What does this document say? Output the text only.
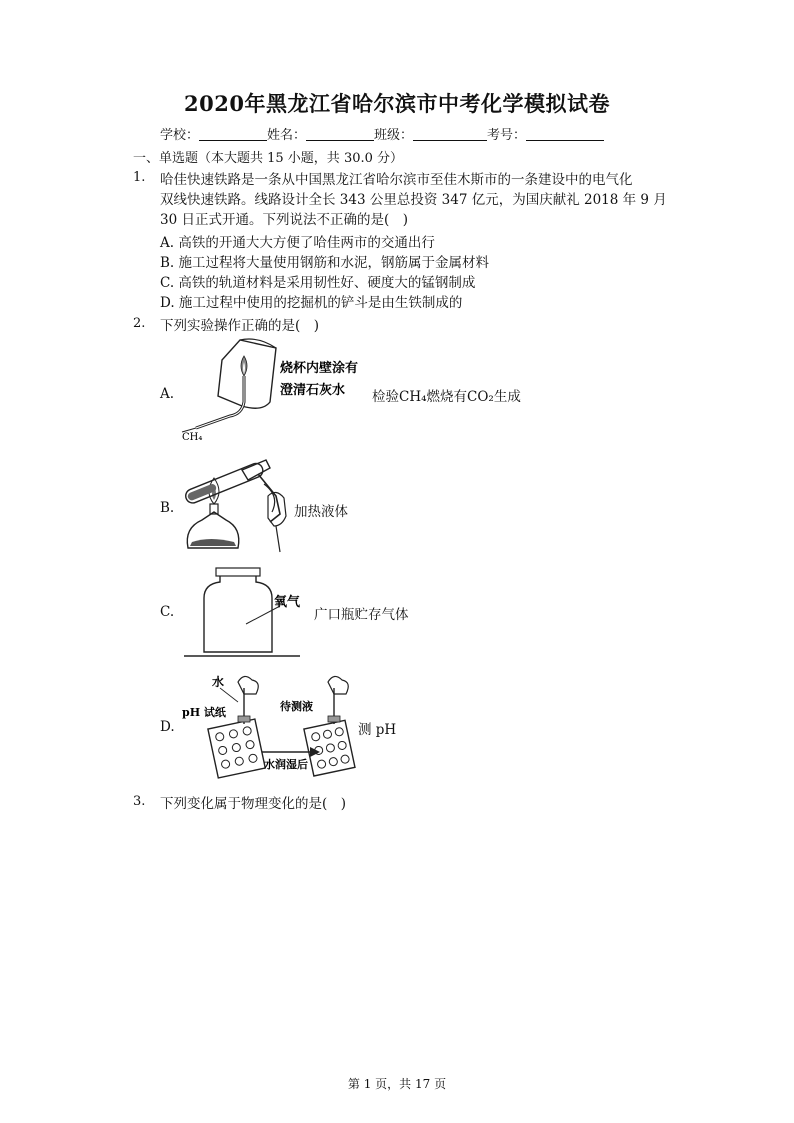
2020年黑龙江省哈尔滨市中考化学模拟试卷
学校：	姓名：	班级：	考号：
一、单选题（本大题共 15 小题，共 30.0 分）
1. 哈佳快速铁路是一条从中国黑龙江省哈尔滨市至佳木斯市的一条建设中的电气化
双线快速铁路。线路设计全长 343 公里总投资 347 亿元，为国庆献礼 2018 年 9 月
30 日正式开通。下列说法不正确的是(　)
A. 高铁的开通大大方便了哈佳两市的交通出行
B. 施工过程将大量使用钢筋和水泥，钢筋属于金属材料
C. 高铁的轨道材料是采用韧性好、硬度大的锰钢制成
D. 施工过程中使用的挖掘机的铲斗是由生铁制成的
2. 下列实验操作正确的是(　)
A.
CH₄
烧杯内壁涂有
澄清石灰水 检验CH₄燃烧有CO₂生成
B.	加热液体
C.
氧气
广口瓶贮存气体
D.
水
pH 试纸
水润湿后
待测液
测 pH
3. 下列变化属于物理变化的是(　)
第 1 页，共 17 页
